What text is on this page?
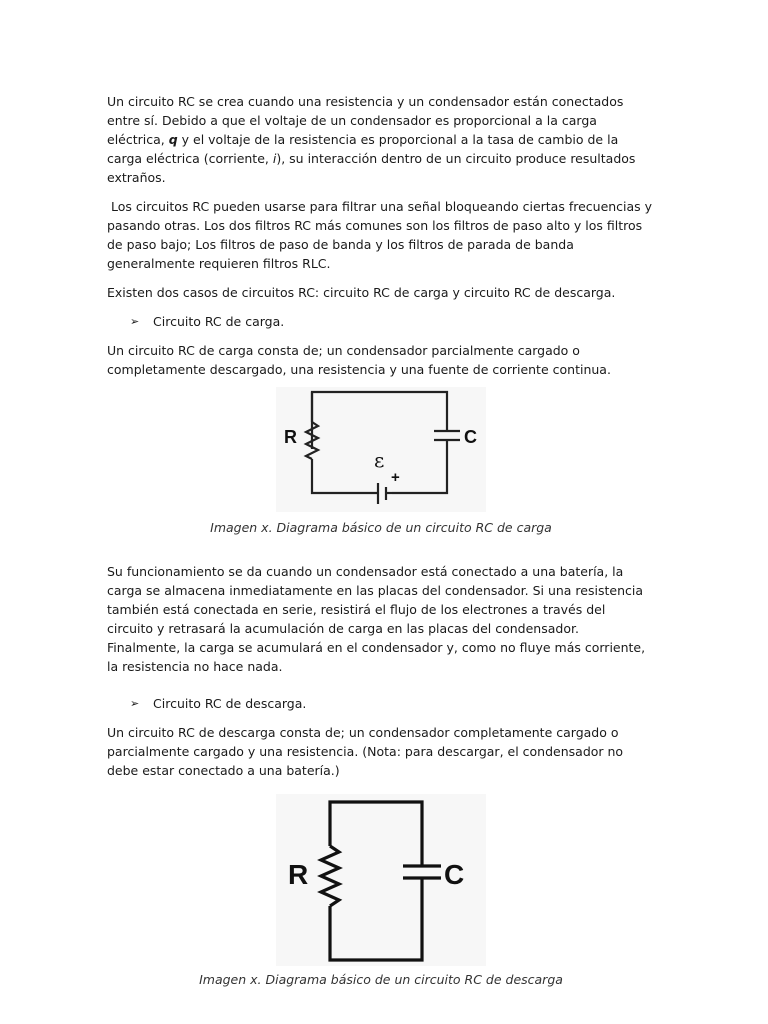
Un circuito RC se crea cuando una resistencia y un condensador están conectados entre sí. Debido a que el voltaje de un condensador es proporcional a la carga eléctrica, q y el voltaje de la resistencia es proporcional a la tasa de cambio de la carga eléctrica (corriente, i), su interacción dentro de un circuito produce resultados extraños.

Los circuitos RC pueden usarse para filtrar una señal bloqueando ciertas frecuencias y pasando otras. Los dos filtros RC más comunes son los filtros de paso alto y los filtros de paso bajo; Los filtros de paso de banda y los filtros de parada de banda generalmente requieren filtros RLC.

Existen dos casos de circuitos RC: circuito RC de carga y circuito RC de descarga.

➢	Circuito RC de carga.

Un circuito RC de carga consta de; un condensador parcialmente cargado o completamente descargado, una resistencia y una fuente de corriente continua.

R	C
ε
+
Imagen x. Diagrama básico de un circuito RC de carga

Su funcionamiento se da cuando un condensador está conectado a una batería, la carga se almacena inmediatamente en las placas del condensador. Si una resistencia también está conectada en serie, resistirá el flujo de los electrones a través del circuito y retrasará la acumulación de carga en las placas del condensador. Finalmente, la carga se acumulará en el condensador y, como no fluye más corriente, la resistencia no hace nada.

➢	Circuito RC de descarga.

Un circuito RC de descarga consta de; un condensador completamente cargado o parcialmente cargado y una resistencia. (Nota: para descargar, el condensador no debe estar conectado a una batería.)

R	C
Imagen x. Diagrama básico de un circuito RC de descarga
